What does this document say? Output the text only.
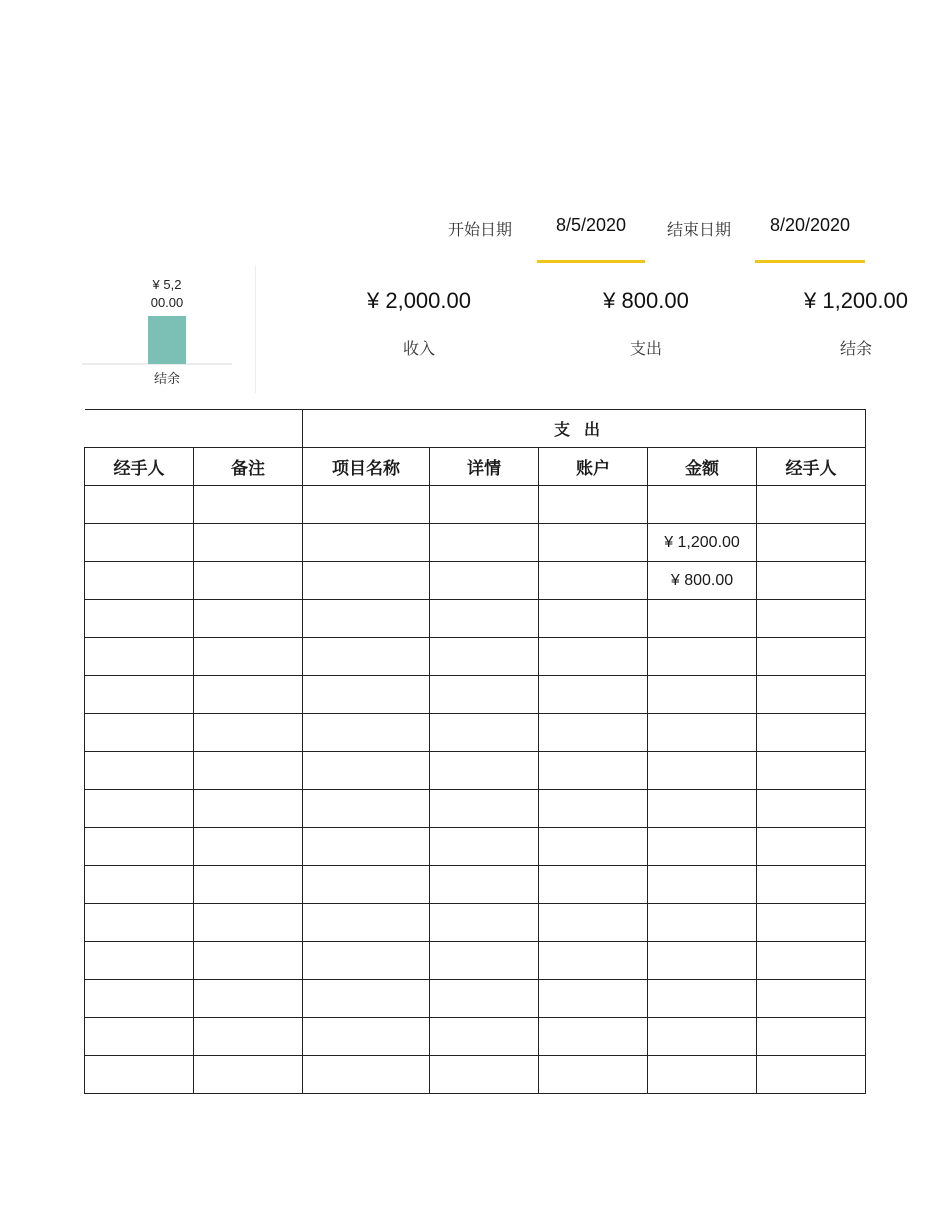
开始日期	8/5/2020	结束日期	8/20/2020
¥ 5,2
00.00
结余
¥ 2,000.00
收入
¥ 800.00
支出
¥ 1,200.00
结余
		支出				
经手人	备注	项目名称	详情	账户	金额	经手人

					¥ 1,200.00	
					¥ 800.00	
